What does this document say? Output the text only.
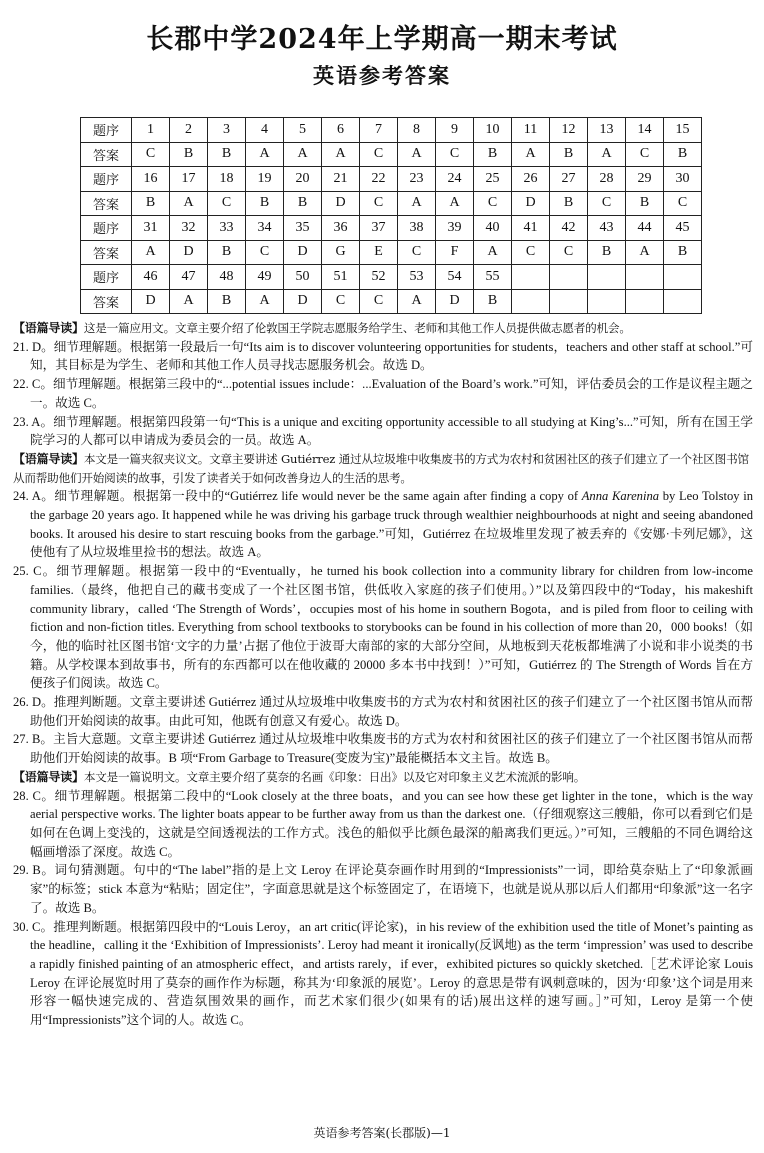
长郡中学2024年上学期高一期末考试
英语参考答案
题序	1	2	3	4	5	6	7	8	9	10	11	12	13	14	15
答案	C	B	B	A	A	A	C	A	C	B	A	B	A	C	B
题序	16	17	18	19	20	21	22	23	24	25	26	27	28	29	30
答案	B	A	C	B	B	D	C	A	A	C	D	B	C	B	C
题序	31	32	33	34	35	36	37	38	39	40	41	42	43	44	45
答案	A	D	B	C	D	G	E	C	F	A	C	C	B	A	B
题序	46	47	48	49	50	51	52	53	54	55					
答案	D	A	B	A	D	C	C	A	D	B					

【语篇导读】这是一篇应用文。文章主要介绍了伦敦国王学院志愿服务给学生、老师和其他工作人员提供做志愿者的机会。

21. D。细节理解题。根据第一段最后一句“Its aim is to discover volunteering opportunities for students，teachers and other staff at school.”可知，其目标是为学生、老师和其他工作人员寻找志愿服务机会。故选 D。

22. C。细节理解题。根据第三段中的“...potential issues include：...Evaluation of the Board’s work.”可知，评估委员会的工作是议程主题之一。故选 C。

23. A。细节理解题。根据第四段第一句“This is a unique and exciting opportunity accessible to all studying at King’s...”可知，所有在国王学院学习的人都可以申请成为委员会的一员。故选 A。

【语篇导读】本文是一篇夹叙夹议文。文章主要讲述 Gutiérrez 通过从垃圾堆中收集废书的方式为农村和贫困社区的孩子们建立了一个社区图书馆从而帮助他们开始阅读的故事，引发了读者关于如何改善身边人的生活的思考。

24. A。细节理解题。根据第一段中的“Gutiérrez life would never be the same again after finding a copy of Anna Karenina by Leo Tolstoy in the garbage 20 years ago. It happened while he was driving his garbage truck through wealthier neighbourhoods at night and seeing abandoned books. It aroused his desire to start rescuing books from the garbage.”可知，Gutiérrez 在垃圾堆里发现了被丢弃的《安娜·卡列尼娜》，这使他有了从垃圾堆里捡书的想法。故选 A。

25. C。细节理解题。根据第一段中的“Eventually，he turned his book collection into a community library for children from low-income families.（最终，他把自己的藏书变成了一个社区图书馆，供低收入家庭的孩子们使用。）”以及第四段中的“Today，his makeshift community library，called ‘The Strength of Words’，occupies most of his home in southern Bogota，and is piled from floor to ceiling with fiction and non-fiction titles. Everything from school textbooks to storybooks can be found in his collection of more than 20，000 books!（如今，他的临时社区图书馆‘文字的力量’占据了他位于波哥大南部的家的大部分空间，从地板到天花板都堆满了小说和非小说类的书籍。从学校课本到故事书，所有的东西都可以在他收藏的 20000 多本书中找到！）”可知，Gutiérrez 的 The Strength of Words 旨在方便孩子们阅读。故选 C。

26. D。推理判断题。文章主要讲述 Gutiérrez 通过从垃圾堆中收集废书的方式为农村和贫困社区的孩子们建立了一个社区图书馆从而帮助他们开始阅读的故事。由此可知，他既有创意又有爱心。故选 D。

27. B。主旨大意题。文章主要讲述 Gutiérrez 通过从垃圾堆中收集废书的方式为农村和贫困社区的孩子们建立了一个社区图书馆从而帮助他们开始阅读的故事。B 项“From Garbage to Treasure(变废为宝)”最能概括本文主旨。故选 B。

【语篇导读】本文是一篇说明文。文章主要介绍了莫奈的名画《印象：日出》以及它对印象主义艺术流派的影响。

28. C。细节理解题。根据第二段中的“Look closely at the three boats，and you can see how these get lighter in the tone，which is the way aerial perspective works. The lighter boats appear to be further away from us than the darkest one.（仔细观察这三艘船，你可以看到它们是如何在色调上变浅的，这就是空间透视法的工作方式。浅色的船似乎比颜色最深的船离我们更远。）”可知，三艘船的不同色调给这幅画增添了深度。故选 C。

29. B。词句猜测题。句中的“The label”指的是上文 Leroy 在评论莫奈画作时用到的“Impressionists”一词，即给莫奈贴上了“印象派画家”的标签；stick 本意为“粘贴；固定住”，字面意思就是这个标签固定了，在语境下，也就是说从那以后人们都用“印象派”这一名字了。故选 B。

30. C。推理判断题。根据第四段中的“Louis Leroy，an art critic(评论家)，in his review of the exhibition used the title of Monet’s painting as the headline，calling it the ‘Exhibition of Impressionists’. Leroy had meant it ironically(反讽地) as the term ‘impression’ was used to describe a rapidly finished painting of an atmospheric effect，and artists rarely，if ever，exhibited pictures so quickly sketched.［艺术评论家 Louis Leroy 在评论展览时用了莫奈的画作作为标题，称其为‘印象派的展览’。Leroy 的意思是带有讽刺意味的，因为‘印象’这个词是用来形容一幅快速完成的、营造氛围效果的画作，而艺术家们很少(如果有的话)展出这样的速写画。］”可知，Leroy 是第一个使用“Impressionists”这个词的人。故选 C。

英语参考答案(长郡版)—1
